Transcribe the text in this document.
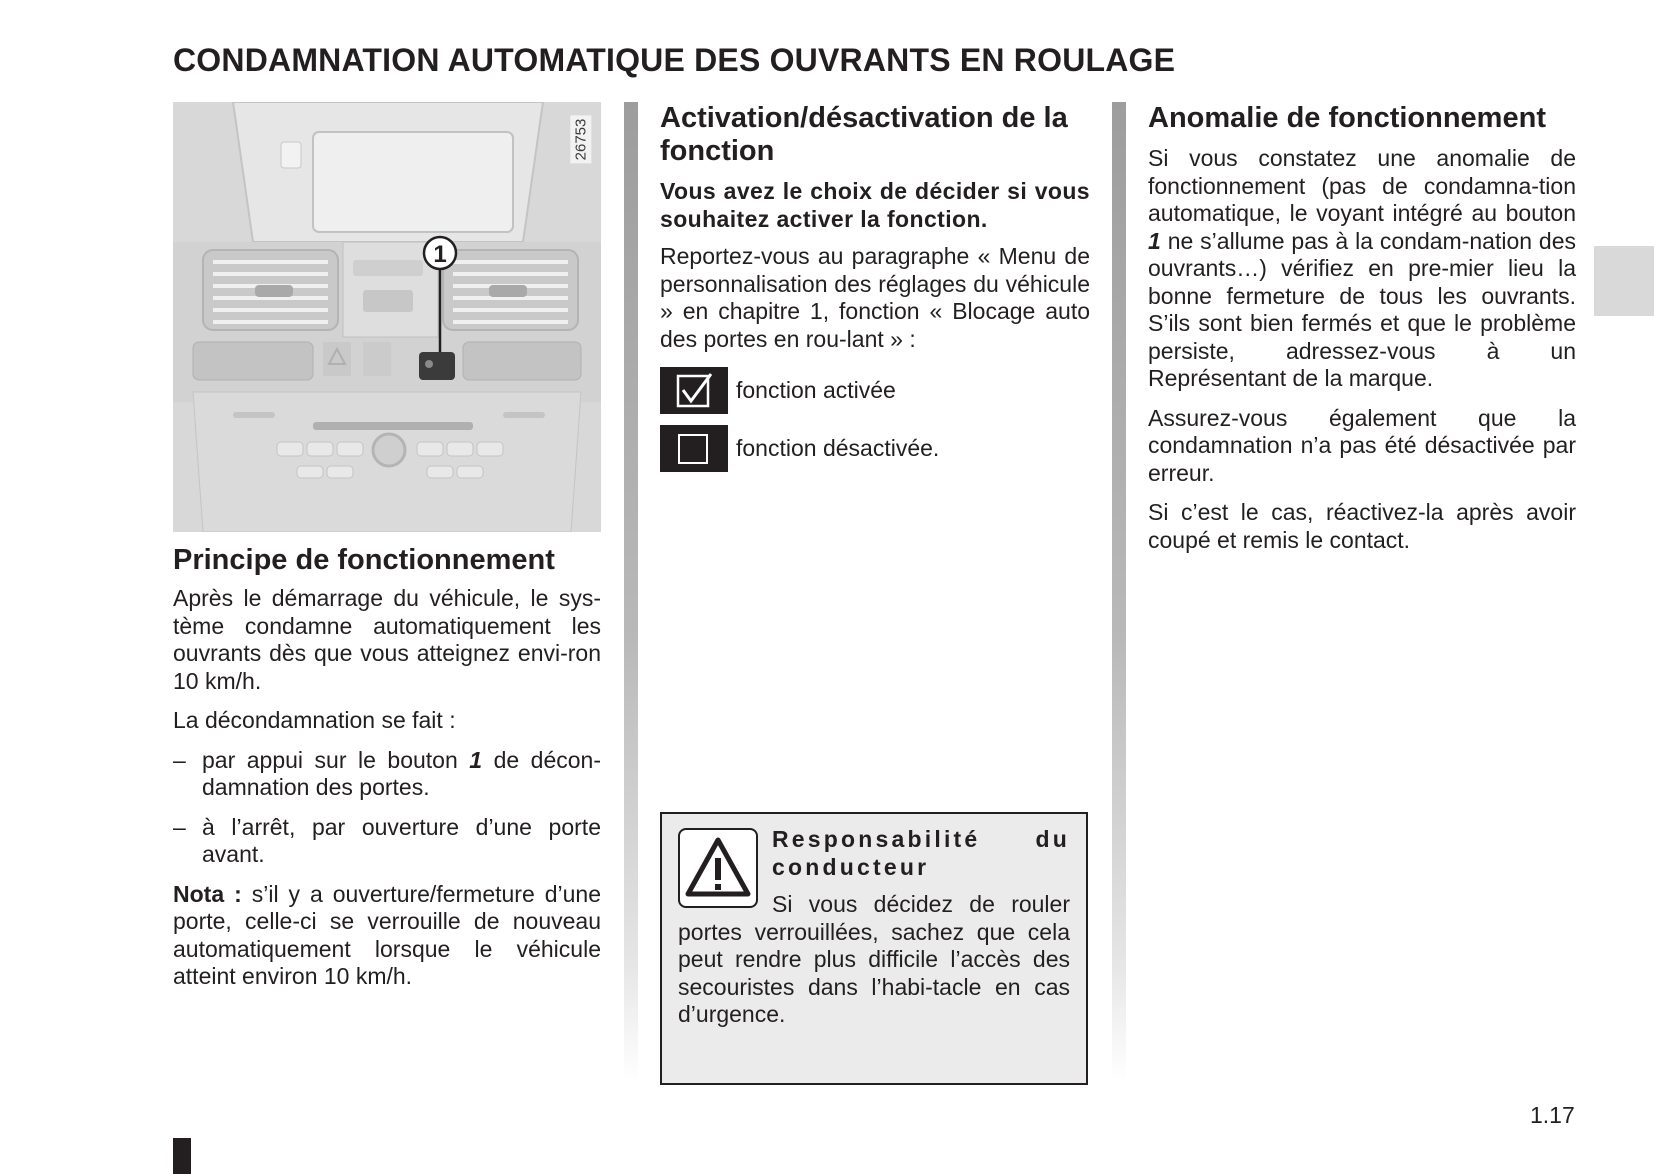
CONDAMNATION AUTOMATIQUE DES OUVRANTS EN ROULAGE
1
26753
Principe de fonctionnement

Après le démarrage du véhicule, le sys-tème condamne automatiquement les ouvrants dès que vous atteignez envi-ron 10 km/h.

La décondamnation se fait :

– par appui sur le bouton 1 de décon-damnation des portes.
– à l’arrêt, par ouverture d’une porte avant.

Nota : s’il y a ouverture/fermeture d’une porte, celle-ci se verrouille de nouveau automatiquement lorsque le véhicule atteint environ 10 km/h.

Activation/désactivation de la fonction

Vous avez le choix de décider si vous souhaitez activer la fonction.

Reportez-vous au paragraphe « Menu de personnalisation des réglages du véhicule » en chapitre 1, fonction « Blocage auto des portes en rou-lant » :

fonction activée
fonction désactivée.
Responsabilité du conducteur
Si vous décidez de rouler portes verrouillées, sachez que cela peut rendre plus difficile l’accès des secouristes dans l’habi-tacle en cas d’urgence.
Anomalie de fonctionnement

Si vous constatez une anomalie de fonctionnement (pas de condamna-tion automatique, le voyant intégré au bouton 1 ne s’allume pas à la condam-nation des ouvrants…) vérifiez en pre-mier lieu la bonne fermeture de tous les ouvrants. S’ils sont bien fermés et que le problème persiste, adressez-vous à un Représentant de la marque.

Assurez-vous également que la condamnation n’a pas été désactivée par erreur.

Si c’est le cas, réactivez-la après avoir coupé et remis le contact.

1.17
